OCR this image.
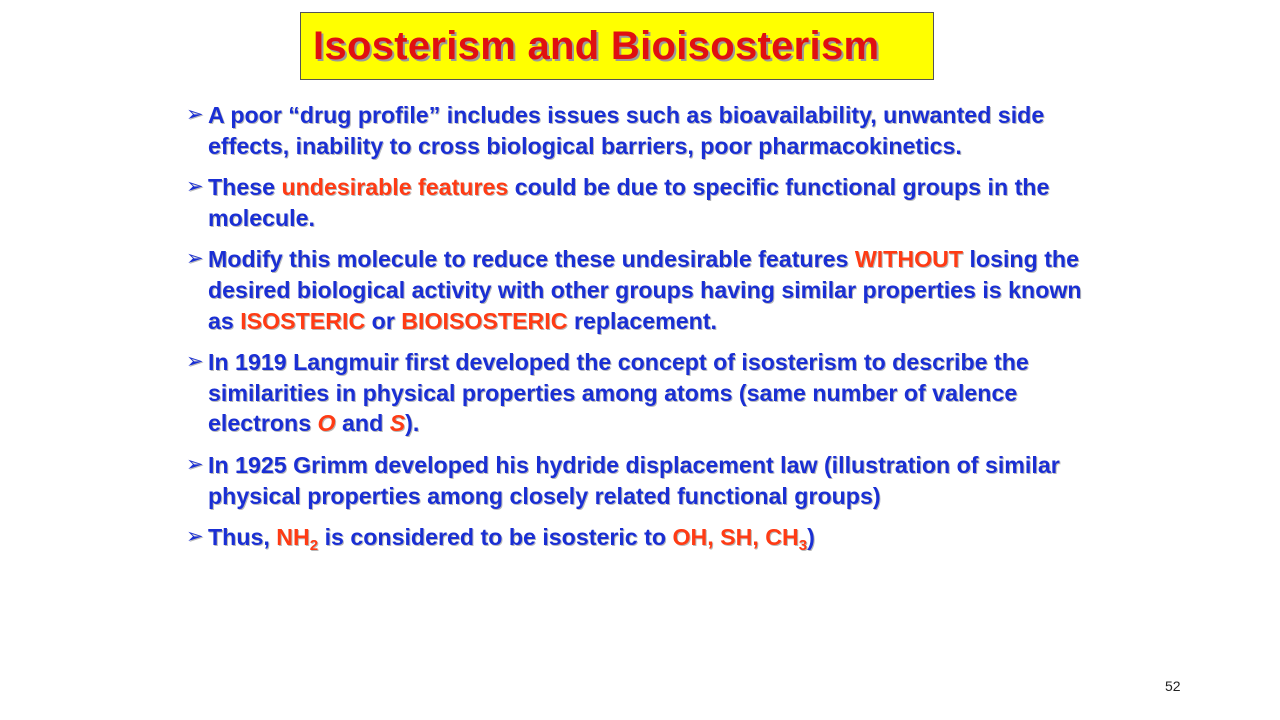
Isosterism and Bioisosterism
➢ A poor “drug profile” includes issues such as bioavailability, unwanted side effects, inability to cross biological barriers, poor pharmacokinetics.
➢ These undesirable features could be due to specific functional groups in the molecule.
➢ Modify this molecule to reduce these undesirable features WITHOUT losing the desired biological activity with other groups having similar properties is known as ISOSTERIC or BIOISOSTERIC replacement.
➢ In 1919 Langmuir first developed the concept of isosterism to describe the similarities in physical properties among atoms (same number of valence electrons O and S).
➢ In 1925 Grimm developed his hydride displacement law (illustration of similar physical properties among closely related functional groups)
➢ Thus, $NH_2$ is considered to be isosteric to OH, SH, $CH_3$)
52
